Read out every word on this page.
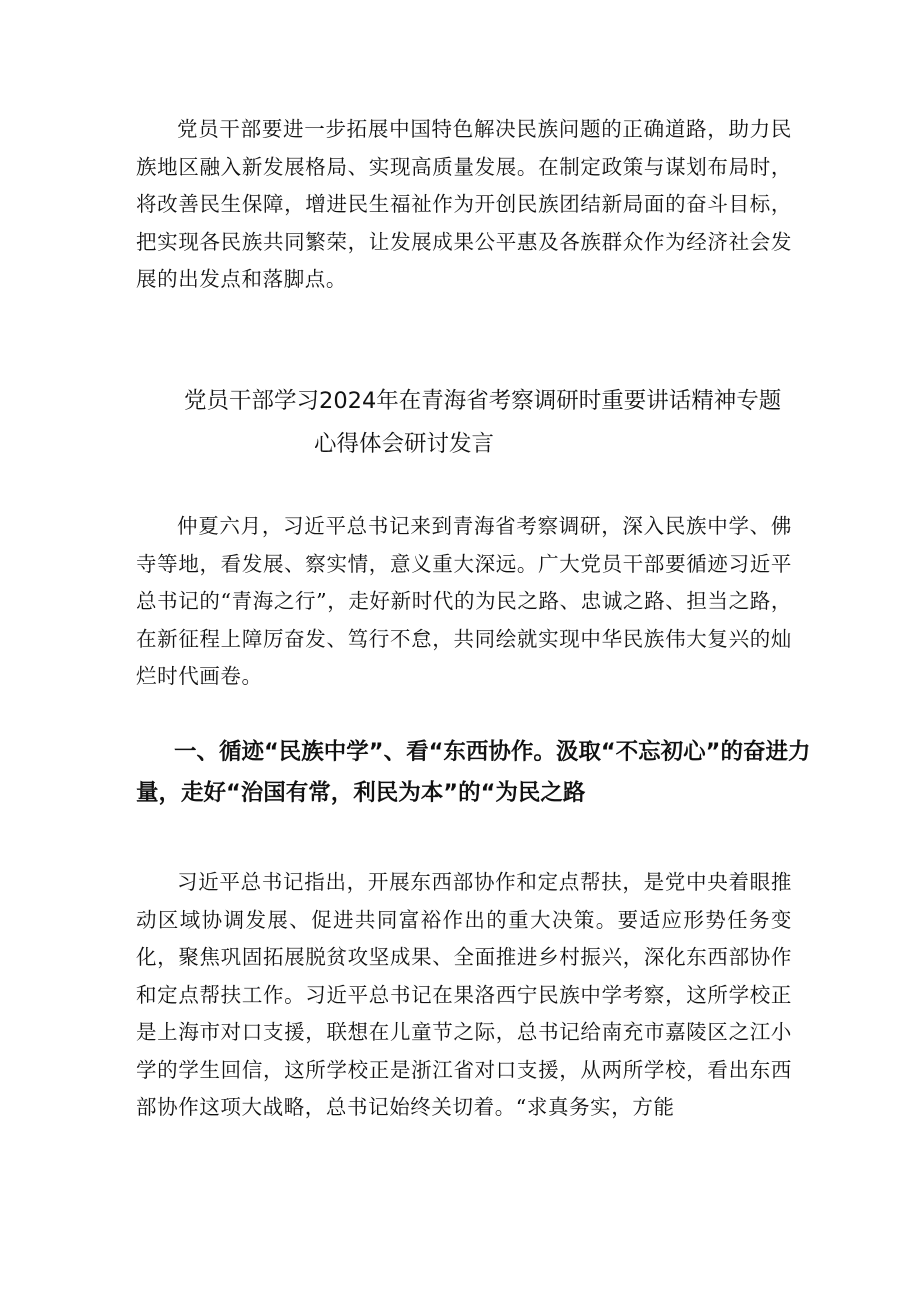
党员干部要进一步拓展中国特色解决民族问题的正确道路，助力民族地区融入新发展格局、实现高质量发展。在制定政策与谋划布局时，将改善民生保障，增进民生福祉作为开创民族团结新局面的奋斗目标，把实现各民族共同繁荣，让发展成果公平惠及各族群众作为经济社会发展的出发点和落脚点。

党员干部学习2024年在青海省考察调研时重要讲话精神专题
心得体会研讨发言

仲夏六月，习近平总书记来到青海省考察调研，深入民族中学、佛寺等地，看发展、察实情，意义重大深远。广大党员干部要循迹习近平总书记的“青海之行”，走好新时代的为民之路、忠诚之路、担当之路，在新征程上障厉奋发、笃行不怠，共同绘就实现中华民族伟大复兴的灿烂时代画卷。

一、循迹“民族中学”、看“东西协作。汲取“不忘初心”的奋进力量，走好“治国有常，利民为本”的“为民之路

习近平总书记指出，开展东西部协作和定点帮扶，是党中央着眼推动区域协调发展、促进共同富裕作出的重大决策。要适应形势任务变化，聚焦巩固拓展脱贫攻坚成果、全面推进乡村振兴，深化东西部协作和定点帮扶工作。习近平总书记在果洛西宁民族中学考察，这所学校正是上海市对口支援，联想在儿童节之际，总书记给南充市嘉陵区之江小学的学生回信，这所学校正是浙江省对口支援，从两所学校，看出东西部协作这项大战略，总书记始终关切着。“求真务实，方能
